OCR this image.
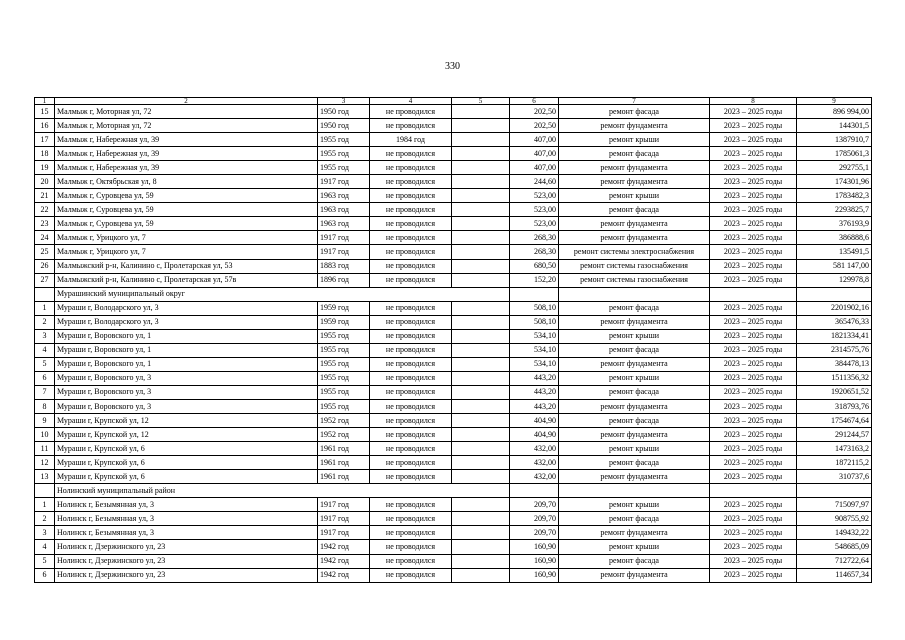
330
1	2	3	4	5	6	7	8	9
15	Малмыж г, Моторная ул, 72	1950 год	не проводился		202,50	ремонт фасада	2023 – 2025 годы	896 994,00
16	Малмыж г, Моторная ул, 72	1950 год	не проводился		202,50	ремонт фундамента	2023 – 2025 годы	144301,5
17	Малмыж г, Набережная ул, 39	1955 год	1984 год		407,00	ремонт крыши	2023 – 2025 годы	1387910,7
18	Малмыж г, Набережная ул, 39	1955 год	не проводился		407,00	ремонт фасада	2023 – 2025 годы	1785061,3
19	Малмыж г, Набережная ул, 39	1955 год	не проводился		407,00	ремонт фундамента	2023 – 2025 годы	292755,1
20	Малмыж г, Октябрьская ул, 8	1917 год	не проводился		244,60	ремонт фундамента	2023 – 2025 годы	174301,96
21	Малмыж г, Суровцева ул, 59	1963 год	не проводился		523,00	ремонт крыши	2023 – 2025 годы	1783482,3
22	Малмыж г, Суровцева ул, 59	1963 год	не проводился		523,00	ремонт фасада	2023 – 2025 годы	2293825,7
23	Малмыж г, Суровцева ул, 59	1963 год	не проводился		523,00	ремонт фундамента	2023 – 2025 годы	376193,9
24	Малмыж г, Урицкого ул, 7	1917 год	не проводился		268,30	ремонт фундамента	2023 – 2025 годы	386888,6
25	Малмыж г, Урицкого ул, 7	1917 год	не проводился		268,30	ремонт системы электроснабжения	2023 – 2025 годы	135491,5
26	Малмыжский р-н, Калинино с, Пролетарская ул, 53	1883 год	не проводился		680,50	ремонт системы газоснабжения	2023 – 2025 годы	581 147,00
27	Малмыжский р-н, Калинино с, Пролетарская ул, 57в	1896 год	не проводился		152,20	ремонт системы газоснабжения	2023 – 2025 годы	129978,8
	Мурашинский муниципальный округ							
1	Мураши г, Володарского ул, 3	1959 год	не проводился		508,10	ремонт фасада	2023 – 2025 годы	2201902,16
2	Мураши г, Володарского ул, 3	1959 год	не проводился		508,10	ремонт фундамента	2023 – 2025 годы	365476,33
3	Мураши г, Воровского ул, 1	1955 год	не проводился		534,10	ремонт крыши	2023 – 2025 годы	1821334,41
4	Мураши г, Воровского ул, 1	1955 год	не проводился		534,10	ремонт фасада	2023 – 2025 годы	2314575,76
5	Мураши г, Воровского ул, 1	1955 год	не проводился		534,10	ремонт фундамента	2023 – 2025 годы	384478,13
6	Мураши г, Воровского ул, 3	1955 год	не проводился		443,20	ремонт крыши	2023 – 2025 годы	1511356,32
7	Мураши г, Воровского ул, 3	1955 год	не проводился		443,20	ремонт фасада	2023 – 2025 годы	1920651,52
8	Мураши г, Воровского ул, 3	1955 год	не проводился		443,20	ремонт фундамента	2023 – 2025 годы	318793,76
9	Мураши г, Крупской ул, 12	1952 год	не проводился		404,90	ремонт фасада	2023 – 2025 годы	1754674,64
10	Мураши г, Крупской ул, 12	1952 год	не проводился		404,90	ремонт фундамента	2023 – 2025 годы	291244,57
11	Мураши г, Крупской ул, 6	1961 год	не проводился		432,00	ремонт крыши	2023 – 2025 годы	1473163,2
12	Мураши г, Крупской ул, 6	1961 год	не проводился		432,00	ремонт фасада	2023 – 2025 годы	1872115,2
13	Мураши г, Крупской ул, 6	1961 год	не проводился		432,00	ремонт фундамента	2023 – 2025 годы	310737,6
	Нолинский муниципальный район							
1	Нолинск г, Безымянная ул, 3	1917 год	не проводился		209,70	ремонт крыши	2023 – 2025 годы	715097,97
2	Нолинск г, Безымянная ул, 3	1917 год	не проводился		209,70	ремонт фасада	2023 – 2025 годы	908755,92
3	Нолинск г, Безымянная ул, 3	1917 год	не проводился		209,70	ремонт фундамента	2023 – 2025 годы	149432,22
4	Нолинск г, Дзержинского ул, 23	1942 год	не проводился		160,90	ремонт крыши	2023 – 2025 годы	548685,09
5	Нолинск г, Дзержинского ул, 23	1942 год	не проводился		160,90	ремонт фасада	2023 – 2025 годы	712722,64
6	Нолинск г, Дзержинского ул, 23	1942 год	не проводился		160,90	ремонт фундамента	2023 – 2025 годы	114657,34
